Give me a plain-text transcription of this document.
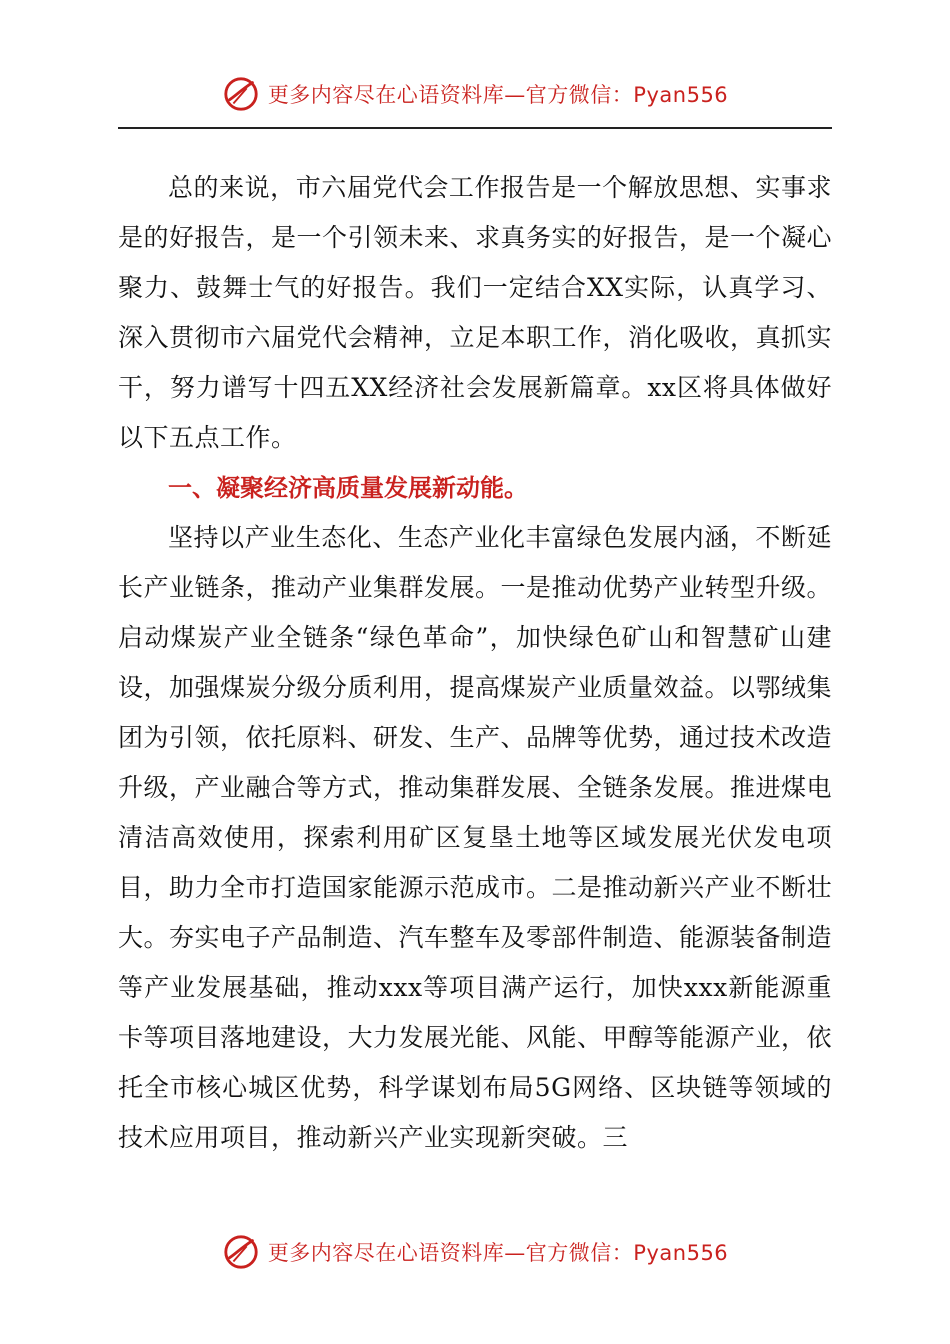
更多内容尽在心语资料库—官方微信：Pyan556

总的来说，市六届党代会工作报告是一个解放思想、实事求是的好报告，是一个引领未来、求真务实的好报告，是一个凝心聚力、鼓舞士气的好报告。我们一定结合XX实际，认真学习、深入贯彻市六届党代会精神，立足本职工作，消化吸收，真抓实干，努力谱写十四五XX经济社会发展新篇章。xx区将具体做好以下五点工作。

一、凝聚经济高质量发展新动能。

坚持以产业生态化、生态产业化丰富绿色发展内涵，不断延长产业链条，推动产业集群发展。一是推动优势产业转型升级。启动煤炭产业全链条“绿色革命”，加快绿色矿山和智慧矿山建设，加强煤炭分级分质利用，提高煤炭产业质量效益。以鄂绒集团为引领，依托原料、研发、生产、品牌等优势，通过技术改造升级，产业融合等方式，推动集群发展、全链条发展。推进煤电清洁高效使用，探索利用矿区复垦土地等区域发展光伏发电项目，助力全市打造国家能源示范成市。二是推动新兴产业不断壮大。夯实电子产品制造、汽车整车及零部件制造、能源装备制造等产业发展基础，推动xxx等项目满产运行，加快xxx新能源重卡等项目落地建设，大力发展光能、风能、甲醇等能源产业，依托全市核心城区优势，科学谋划布局5G网络、区块链等领域的技术应用项目，推动新兴产业实现新突破。三

更多内容尽在心语资料库—官方微信：Pyan556
